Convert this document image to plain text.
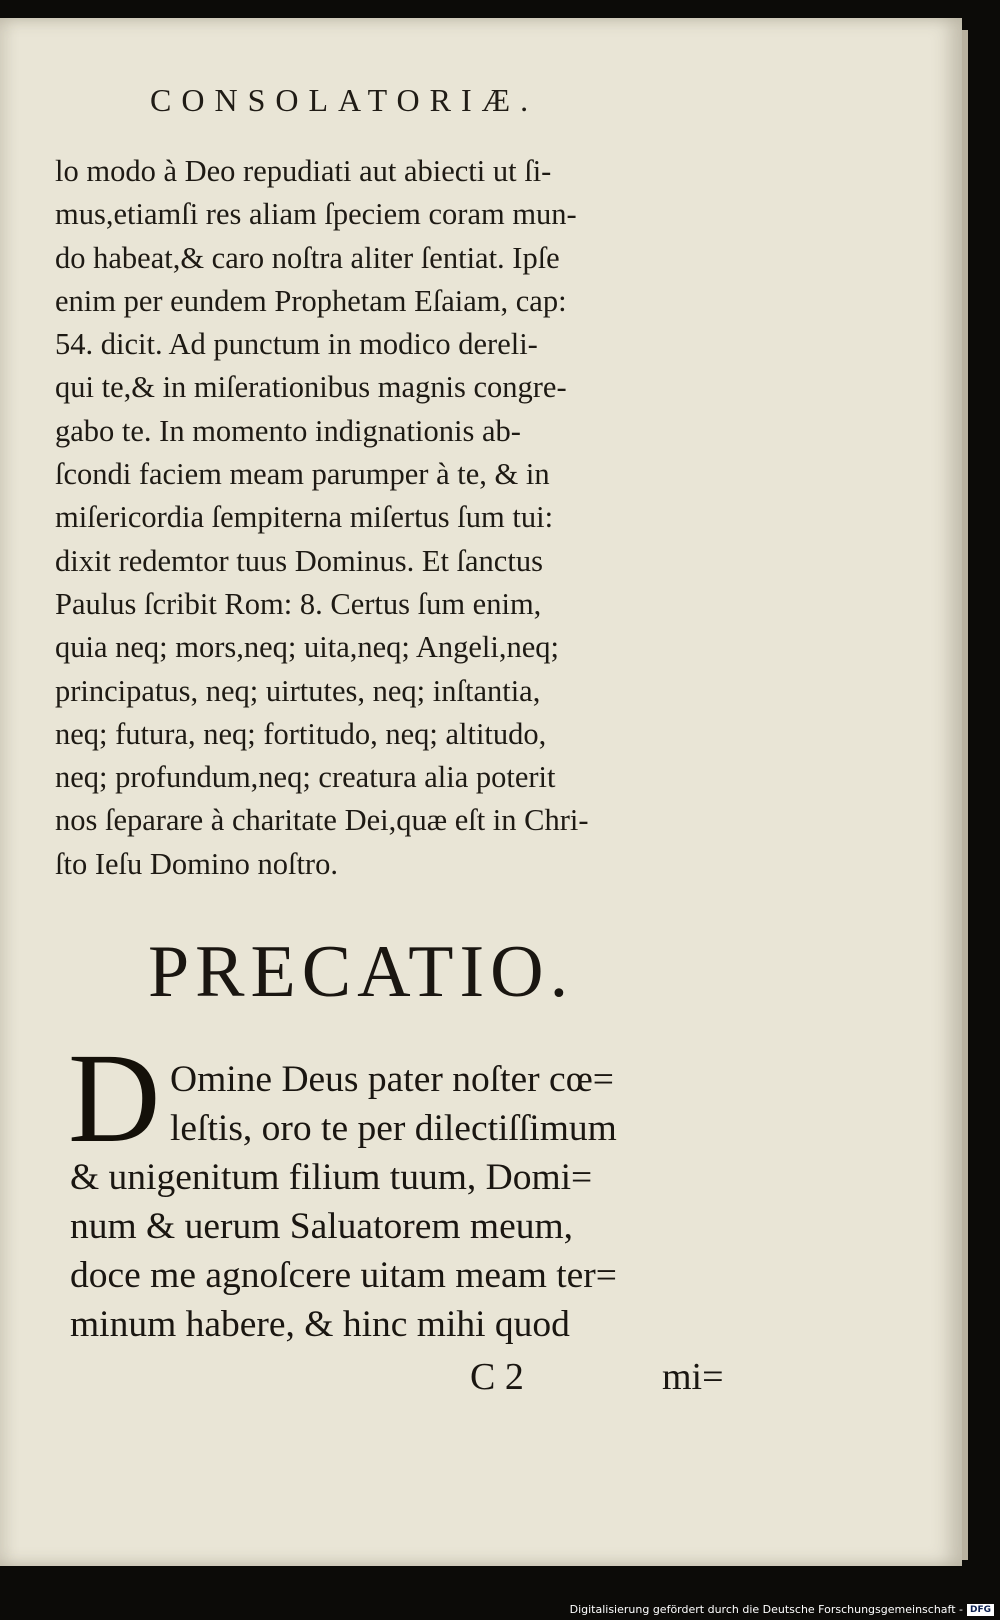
CONSOLATORIÆ.
lo modo à Deo repudiati aut abiecti ut ſi-
mus,etiamſi res aliam ſpeciem coram mun-
do habeat,& caro noſtra aliter ſentiat. Ipſe
enim per eundem Prophetam Eſaiam, cap:
54. dicit. Ad punctum in modico dereli-
qui te,& in miſerationibus magnis congre-
gabo te. In momento indignationis ab-
ſcondi faciem meam parumper à te, & in
miſericordia ſempiterna miſertus ſum tui:
dixit redemtor tuus Dominus. Et ſanctus
Paulus ſcribit Rom: 8. Certus ſum enim,
quia neq; mors,neq; uita,neq; Angeli,neq;
principatus, neq; uirtutes, neq; inſtantia,
neq; futura, neq; fortitudo, neq; altitudo,
neq; profundum,neq; creatura alia poterit
nos ſeparare à charitate Dei,quæ eſt in Chri-
ſto Ieſu Domino noſtro.
PRECATIO.
D Omine Deus pater noſter cœ=
leſtis, oro te per dilectiſſimum
& unigenitum filium tuum, Domi=
num & uerum Saluatorem meum,
doce me agnoſcere uitam meam ter=
minum habere, & hinc mihi quod
C 2	mi=
Digitalisierung gefördert durch die Deutsche Forschungsgemeinschaft - DFG
